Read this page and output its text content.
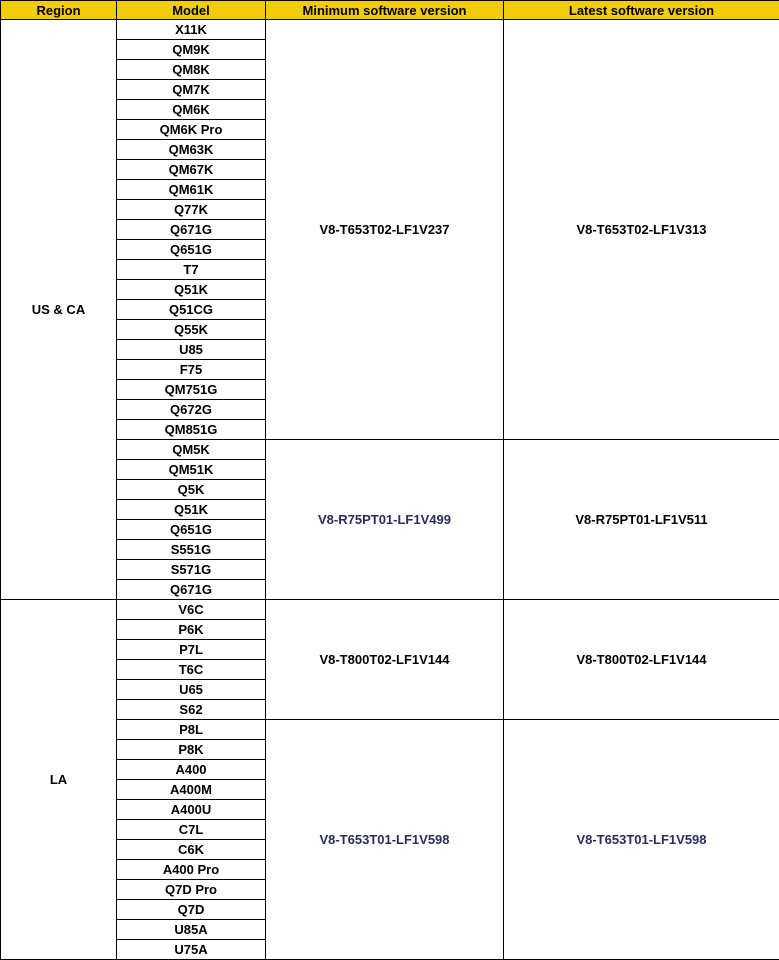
Region	Model	Minimum software version	Latest software version
US & CA	X11K	V8-T653T02-LF1V237	V8-T653T02-LF1V313
	QM9K		
	QM8K		
	QM7K		
	QM6K		
	QM6K Pro		
	QM63K		
	QM67K		
	QM61K		
	Q77K		
	Q671G		
	Q651G		
	T7		
	Q51K		
	Q51CG		
	Q55K		
	U85		
	F75		
	QM751G		
	Q672G		
	QM851G		
	QM5K	V8-R75PT01-LF1V499	V8-R75PT01-LF1V511
	QM51K		
	Q5K		
	Q51K		
	Q651G		
	S551G		
	S571G		
	Q671G		
LA	V6C	V8-T800T02-LF1V144	V8-T800T02-LF1V144
	P6K		
	P7L		
	T6C		
	U65		
	S62		
	P8L	V8-T653T01-LF1V598	V8-T653T01-LF1V598
	P8K		
	A400		
	A400M		
	A400U		
	C7L		
	C6K		
	A400 Pro		
	Q7D Pro		
	Q7D		
	U85A		
	U75A		
